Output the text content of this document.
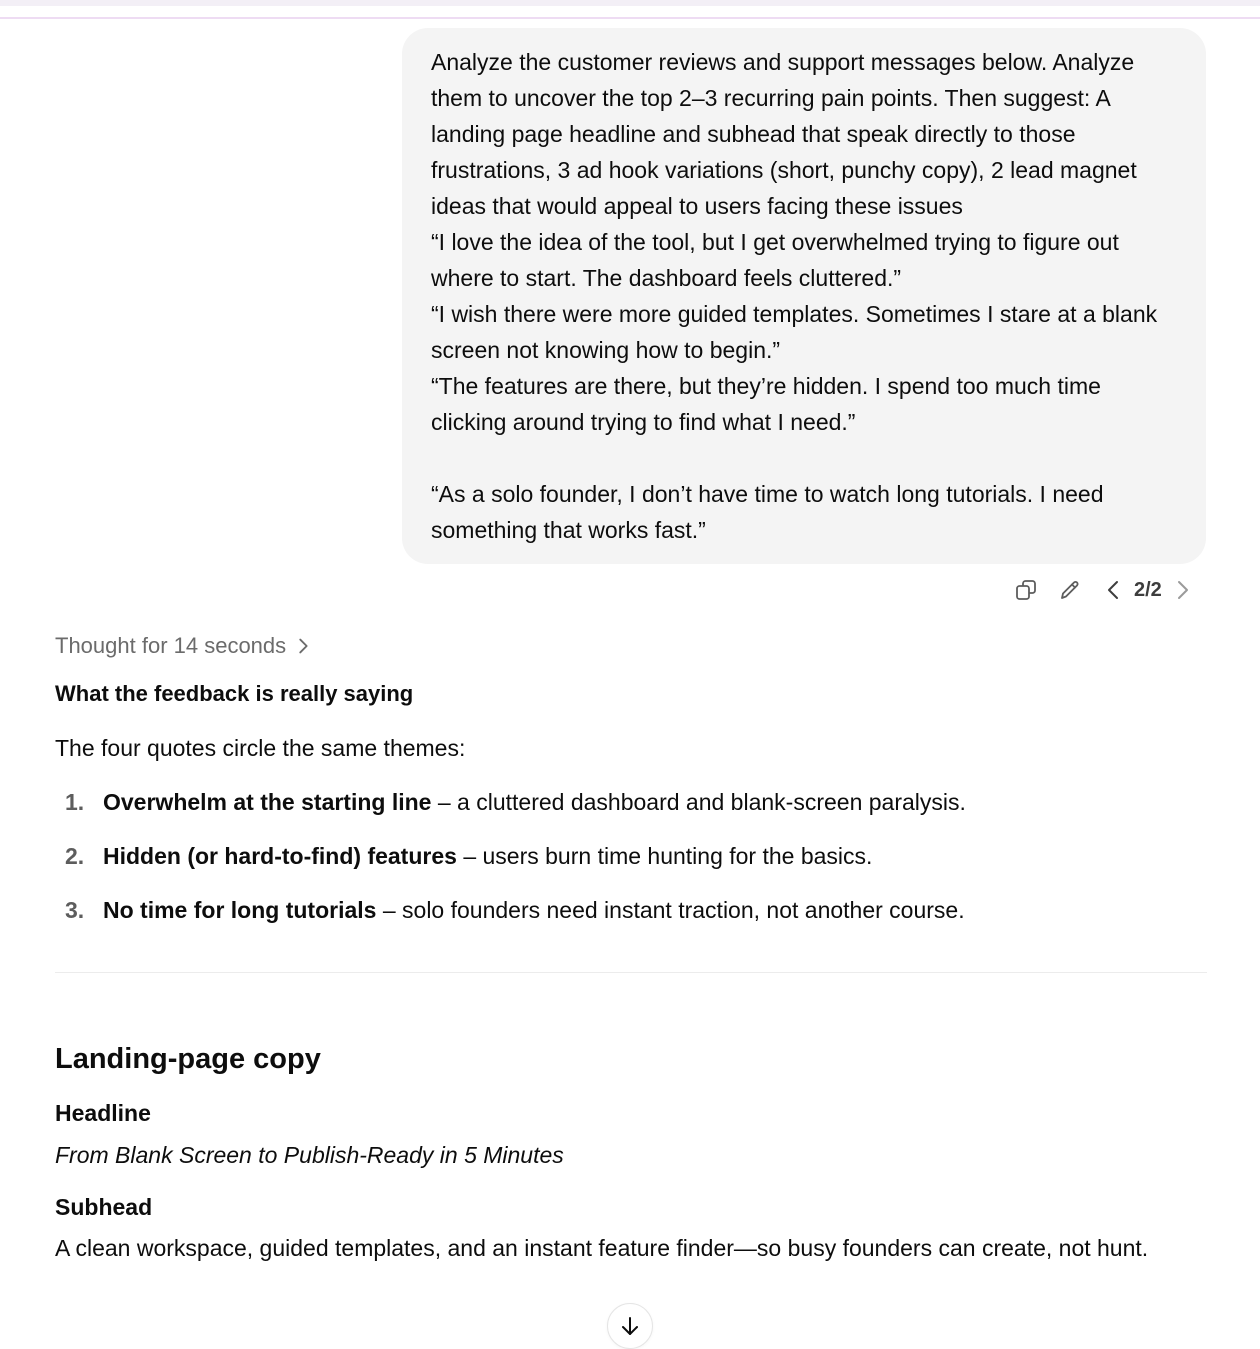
Analyze the customer reviews and support messages below. Analyze them to uncover the top 2–3 recurring pain points. Then suggest: A landing page headline and subhead that speak directly to those frustrations, 3 ad hook variations (short, punchy copy), 2 lead magnet ideas that would appeal to users facing these issues

“I love the idea of the tool, but I get overwhelmed trying to figure out where to start. The dashboard feels cluttered.”

“I wish there were more guided templates. Sometimes I stare at a blank screen not knowing how to begin.”

“The features are there, but they’re hidden. I spend too much time clicking around trying to find what I need.”

“As a solo founder, I don’t have time to watch long tutorials. I need something that works fast.”

2/2
Thought for 14 seconds
What the feedback is really saying
The four quotes circle the same themes:
1. Overwhelm at the starting line – a cluttered dashboard and blank-screen paralysis.
2. Hidden (or hard-to-find) features – users burn time hunting for the basics.
3. No time for long tutorials – solo founders need instant traction, not another course.
Landing-page copy
Headline
From Blank Screen to Publish-Ready in 5 Minutes
Subhead
A clean workspace, guided templates, and an instant feature finder—so busy founders can create, not hunt.
